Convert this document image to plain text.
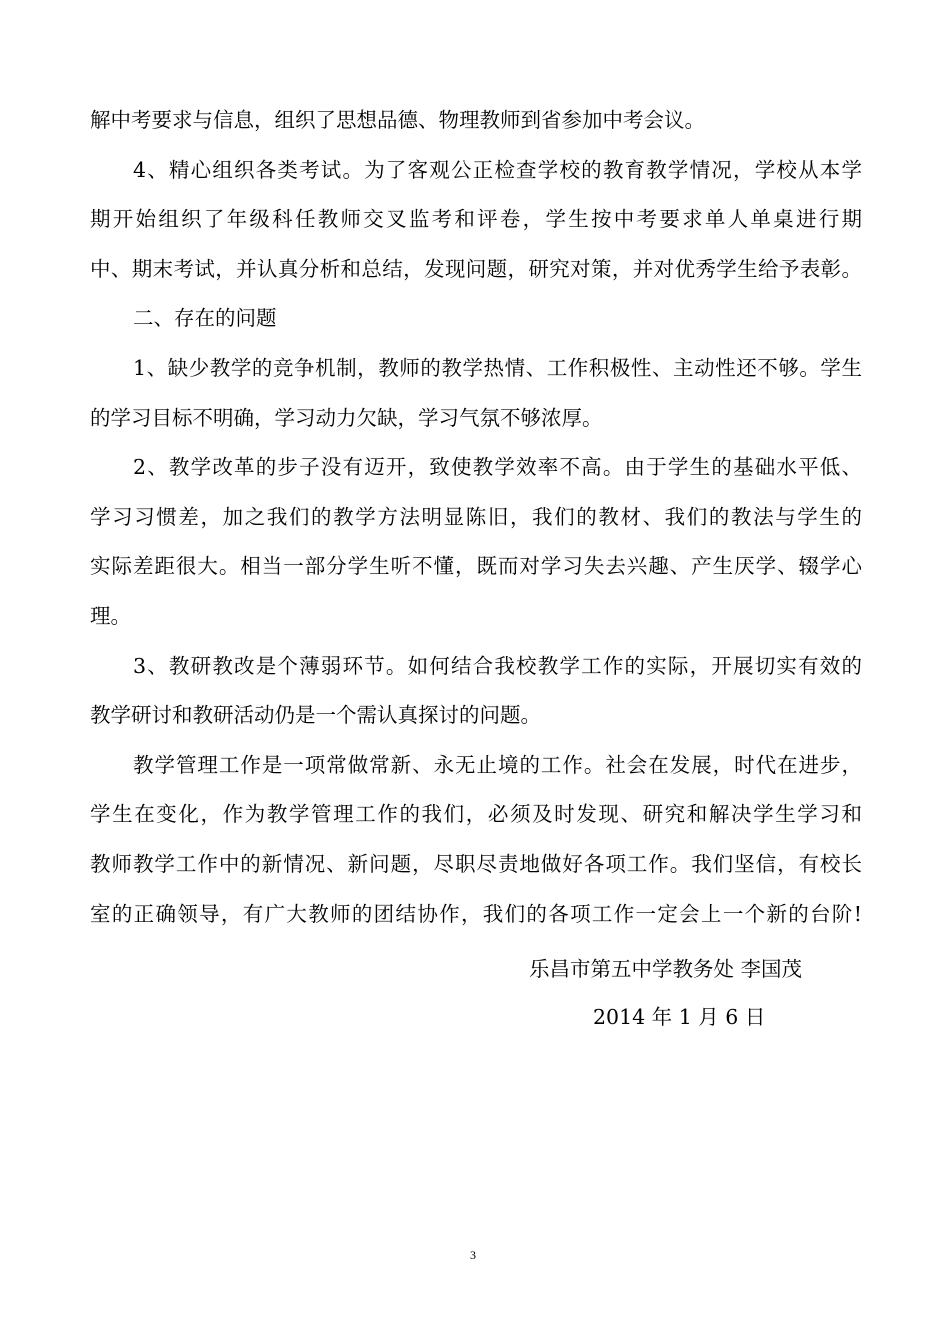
解中考要求与信息，组织了思想品德、物理教师到省参加中考会议。
4、精心组织各类考试。为了客观公正检查学校的教育教学情况，学校从本学
期开始组织了年级科任教师交叉监考和评卷，学生按中考要求单人单桌进行期
中、期末考试，并认真分析和总结，发现问题，研究对策，并对优秀学生给予表彰。
二、存在的问题
1、缺少教学的竞争机制，教师的教学热情、工作积极性、主动性还不够。学生
的学习目标不明确，学习动力欠缺，学习气氛不够浓厚。
2、教学改革的步子没有迈开，致使教学效率不高。由于学生的基础水平低、
学习习惯差，加之我们的教学方法明显陈旧，我们的教材、我们的教法与学生的
实际差距很大。相当一部分学生听不懂，既而对学习失去兴趣、产生厌学、辍学心
理。
3、教研教改是个薄弱环节。如何结合我校教学工作的实际，开展切实有效的
教学研讨和教研活动仍是一个需认真探讨的问题。
教学管理工作是一项常做常新、永无止境的工作。社会在发展，时代在进步，
学生在变化，作为教学管理工作的我们，必须及时发现、研究和解决学生学习和
教师教学工作中的新情况、新问题，尽职尽责地做好各项工作。我们坚信，有校长
室的正确领导，有广大教师的团结协作，我们的各项工作一定会上一个新的台阶!
乐昌市第五中学教务处 李国茂
2014 年 1 月 6 日
3
